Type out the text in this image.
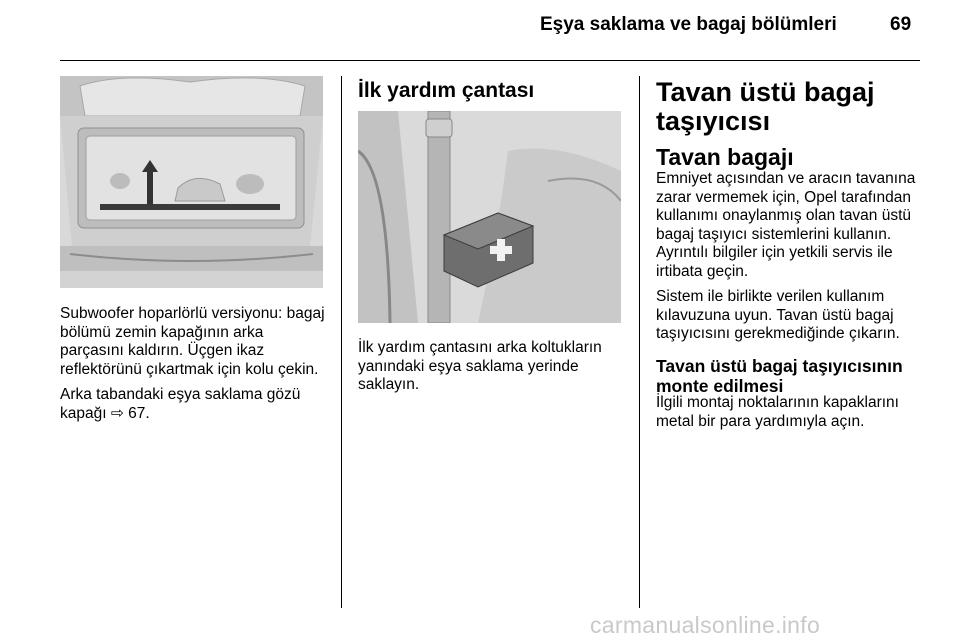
Eşya saklama ve bagaj bölümleri	69

Subwoofer hoparlörlü versiyonu: bagaj bölümü zemin kapağının arka parçasını kaldırın. Üçgen ikaz reflektörünü çıkartmak için kolu çekin.

Arka tabandaki eşya saklama gözü kapağı ⇨ 67.

İlk yardım çantası

İlk yardım çantasını arka koltukların yanındaki eşya saklama yerinde saklayın.

Tavan üstü bagaj taşıyıcısı
Tavan bagajı

Emniyet açısından ve aracın tavanına zarar vermemek için, Opel tarafından kullanımı onaylanmış olan tavan üstü bagaj taşıyıcı sistemlerini kullanın. Ayrıntılı bilgiler için yetkili servis ile irtibata geçin.

Sistem ile birlikte verilen kullanım kılavuzuna uyun. Tavan üstü bagaj taşıyıcısını gerekmediğinde çıkarın.

Tavan üstü bagaj taşıyıcısının monte edilmesi

İlgili montaj noktalarının kapaklarını metal bir para yardımıyla açın.

carmanualsonline.info
